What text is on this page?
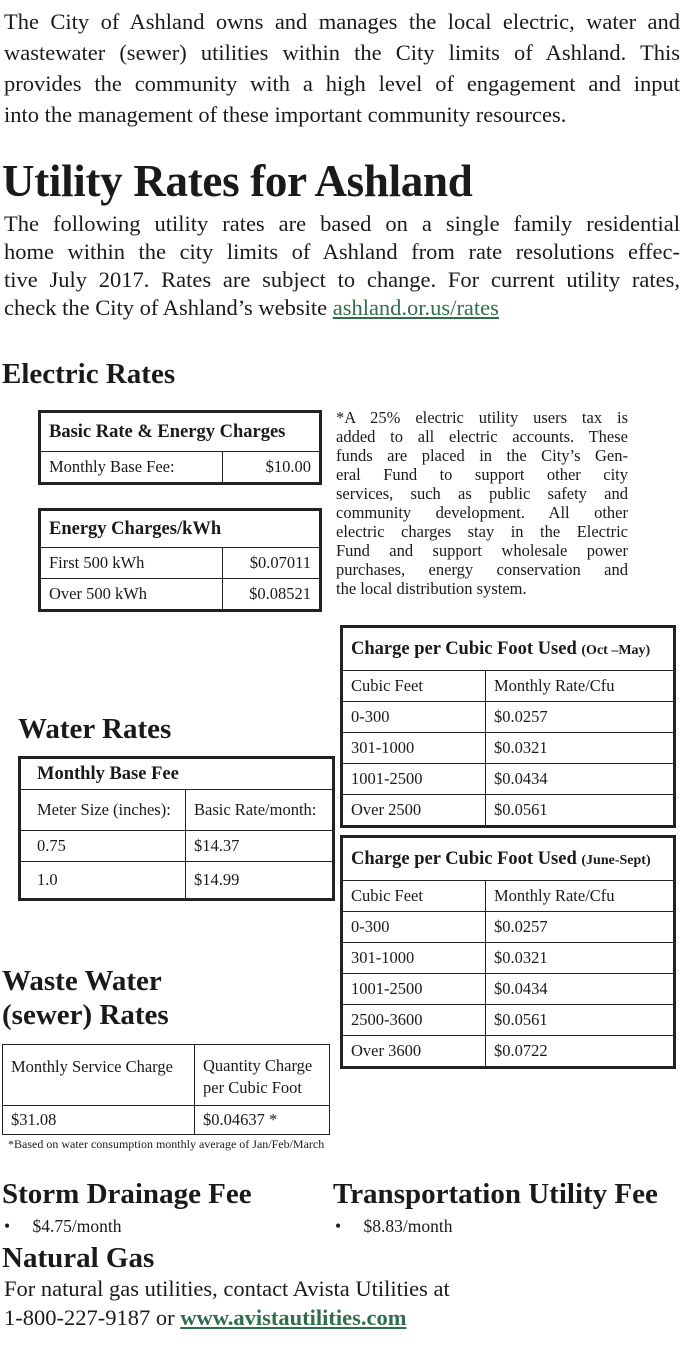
The City of Ashland owns and manages the local electric, water and
wastewater (sewer) utilities within the City limits of Ashland. This
provides the community with a high level of engagement and input
into the management of these important community resources.
Utility Rates for Ashland
The following utility rates are based on a single family residential
home within the city limits of Ashland from rate resolutions effec-
tive July 2017. Rates are subject to change. For current utility rates,
check the City of Ashland’s website ashland.or.us/rates
Electric Rates
Basic Rate & Energy Charges
Monthly Base Fee:	$10.00
Energy Charges/kWh	
First 500 kWh	$0.07011
Over 500 kWh	$0.08521
*A 25% electric utility users tax is
added to all electric accounts. These
funds are placed in the City’s Gen-
eral Fund to support other city
services, such as public safety and
community development. All other
electric charges stay in the Electric
Fund and support wholesale power
purchases, energy conservation and
the local distribution system.
Charge per Cubic Foot Used (Oct –May)	
Cubic Feet	Monthly Rate/Cfu
0-300	$0.0257
301-1000	$0.0321
1001-2500	$0.0434
Over 2500	$0.0561
Water Rates
Monthly Base Fee	
Meter Size (inches):	Basic Rate/month:
0.75	$14.37
1.0	$14.99
Charge per Cubic Foot Used (June-Sept)	
Cubic Feet	Monthly Rate/Cfu
0-300	$0.0257
301-1000	$0.0321
1001-2500	$0.0434
2500-3600	$0.0561
Over 3600	$0.0722
Waste Water
(sewer) Rates
Monthly Service Charge	Quantity Charge
per Cubic Foot

$31.08	$0.04637 *
*Based on water consumption monthly average of Jan/Feb/March
Storm Drainage Fee
• $4.75/month
Transportation Utility Fee
• $8.83/month
Natural Gas
For natural gas utilities, contact Avista Utilities at
1-800-227-9187 or www.avistautilities.com
